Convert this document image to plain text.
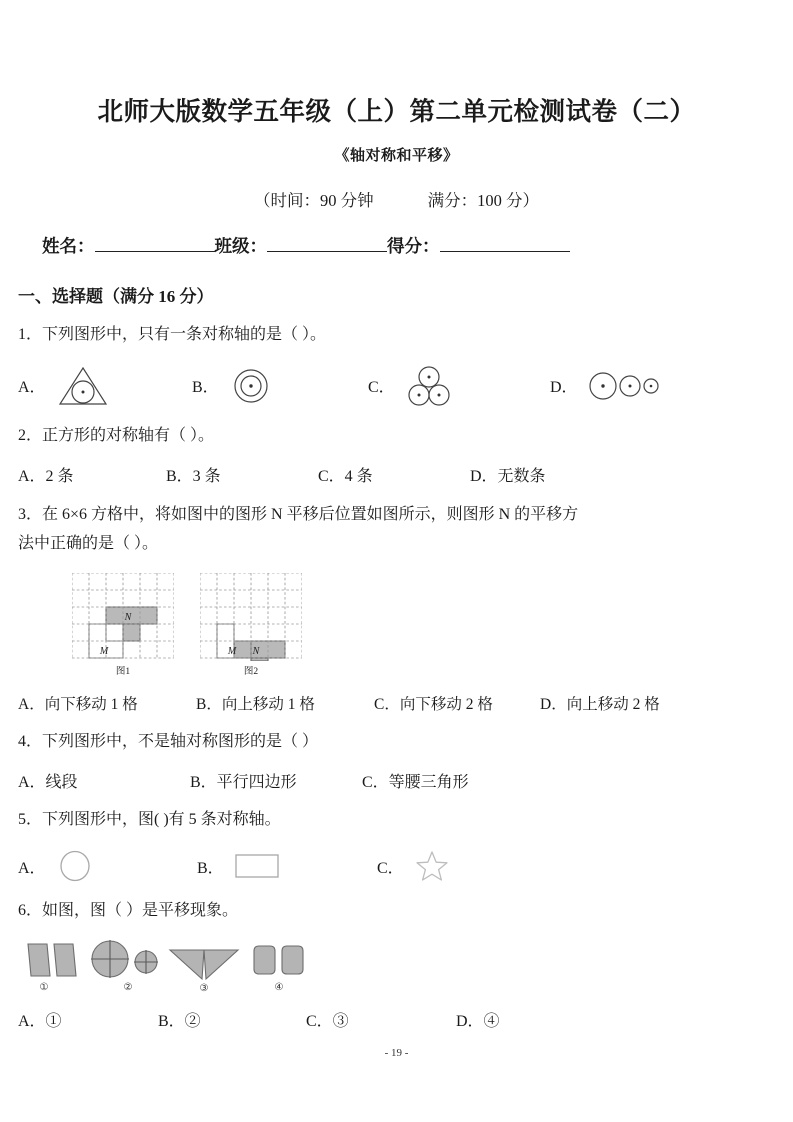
北师大版数学五年级（上）第二单元检测试卷（二）
《轴对称和平移》
（时间：90 分钟	满分：100 分）
姓名：	班级：	得分：
一、选择题（满分 16 分）
1．下列图形中，只有一条对称轴的是（ ）。
A．
	B．
	C．
	D．
2．正方形的对称轴有（ ）。
A．2 条	B．3 条	C．4 条	D．无数条
3．在 6×6 方格中，将如图中的图形 N 平移后位置如图所示，则图形 N 的平移方
法中正确的是（ ）。
N
M
图1

N
M
图2
A．向下移动 1 格	B．向上移动 1 格	C．向下移动 2 格	D．向上移动 2 格
4．下列图形中，不是轴对称图形的是（ ）
A．线段	B．平行四边形	C．等腰三角形
5．下列图形中，图( )有 5 条对称轴。
A．
	B．
	C．
6．如图，图（ ）是平移现象。
①
	②
	③
	④
A．①	B．②	C．③	D．④
- 19 -
